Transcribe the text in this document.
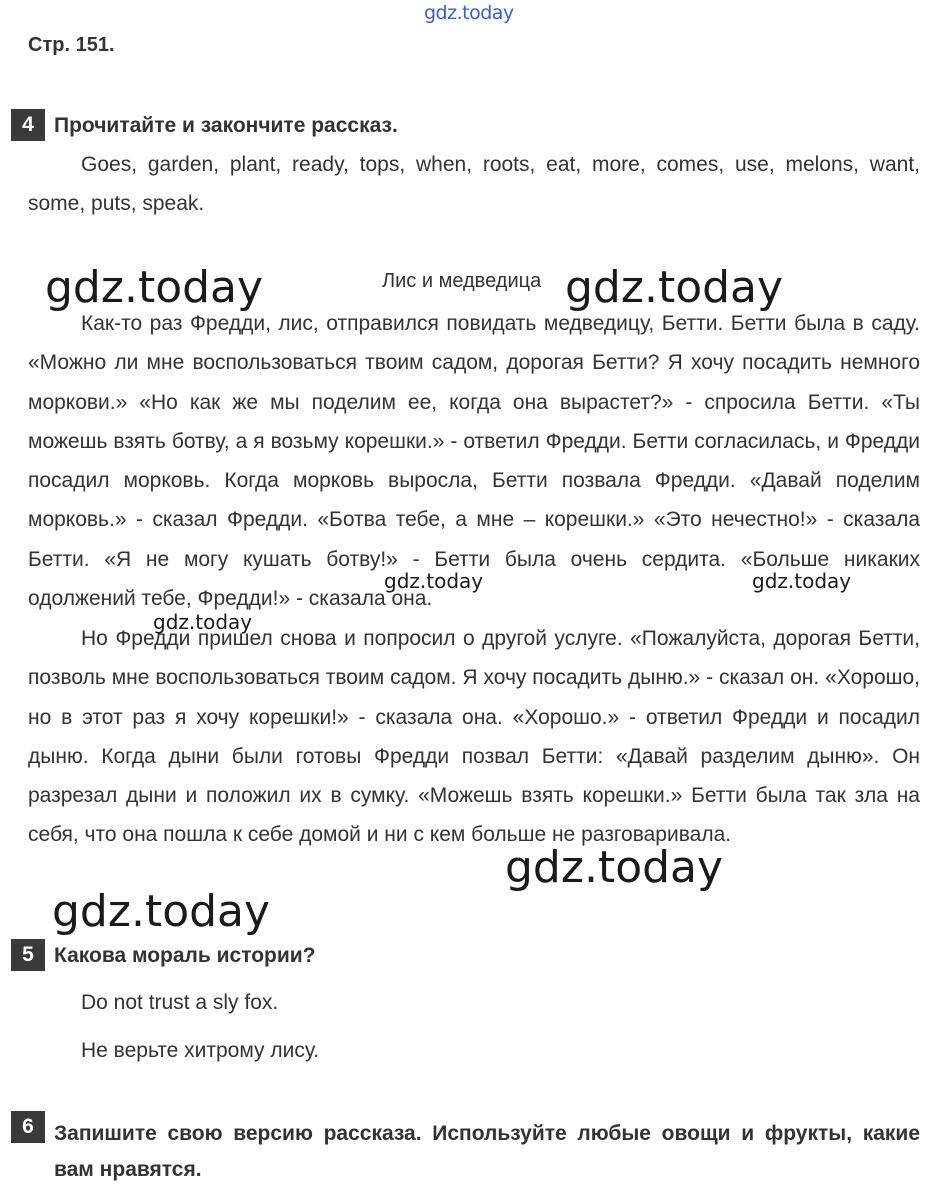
gdz.today
Стр. 151.
4 Прочитайте и закончите рассказ.
Goes, garden, plant, ready, tops, when, roots, eat, more, comes, use, melons, want, some, puts, speak.
Лис и медведица
Как-то раз Фредди, лис, отправился повидать медведицу, Бетти. Бетти была в саду. «Можно ли мне воспользоваться твоим садом, дорогая Бетти? Я хочу посадить немного моркови.» «Но как же мы поделим ее, когда она вырастет?» - спросила Бетти. «Ты можешь взять ботву, а я возьму корешки.» - ответил Фредди. Бетти согласилась, и Фредди посадил морковь. Когда морковь выросла, Бетти позвала Фредди. «Давай поделим морковь.» - сказал Фредди. «Ботва тебе, а мне – корешки.» «Это нечестно!» - сказала Бетти. «Я не могу кушать ботву!» - Бетти была очень сердита. «Больше никаких одолжений тебе, Фредди!» - сказала она.
Но Фредди пришел снова и попросил о другой услуге. «Пожалуйста, дорогая Бетти, позволь мне воспользоваться твоим садом. Я хочу посадить дыню.» - сказал он. «Хорошо, но в этот раз я хочу корешки!» - сказала она. «Хорошо.» - ответил Фредди и посадил дыню. Когда дыни были готовы Фредди позвал Бетти: «Давай разделим дыню». Он разрезал дыни и положил их в сумку. «Можешь взять корешки.» Бетти была так зла на себя, что она пошла к себе домой и ни с кем больше не разговаривала.
5 Какова мораль истории?
Do not trust a sly fox.
Не верьте хитрому лису.
6 Запишите свою версию рассказа. Используйте любые овощи и фрукты, какие вам нравятся.
gdz.today	gdz.today
gdz.today	gdz.today
gdz.today
gdz.today
gdz.today
